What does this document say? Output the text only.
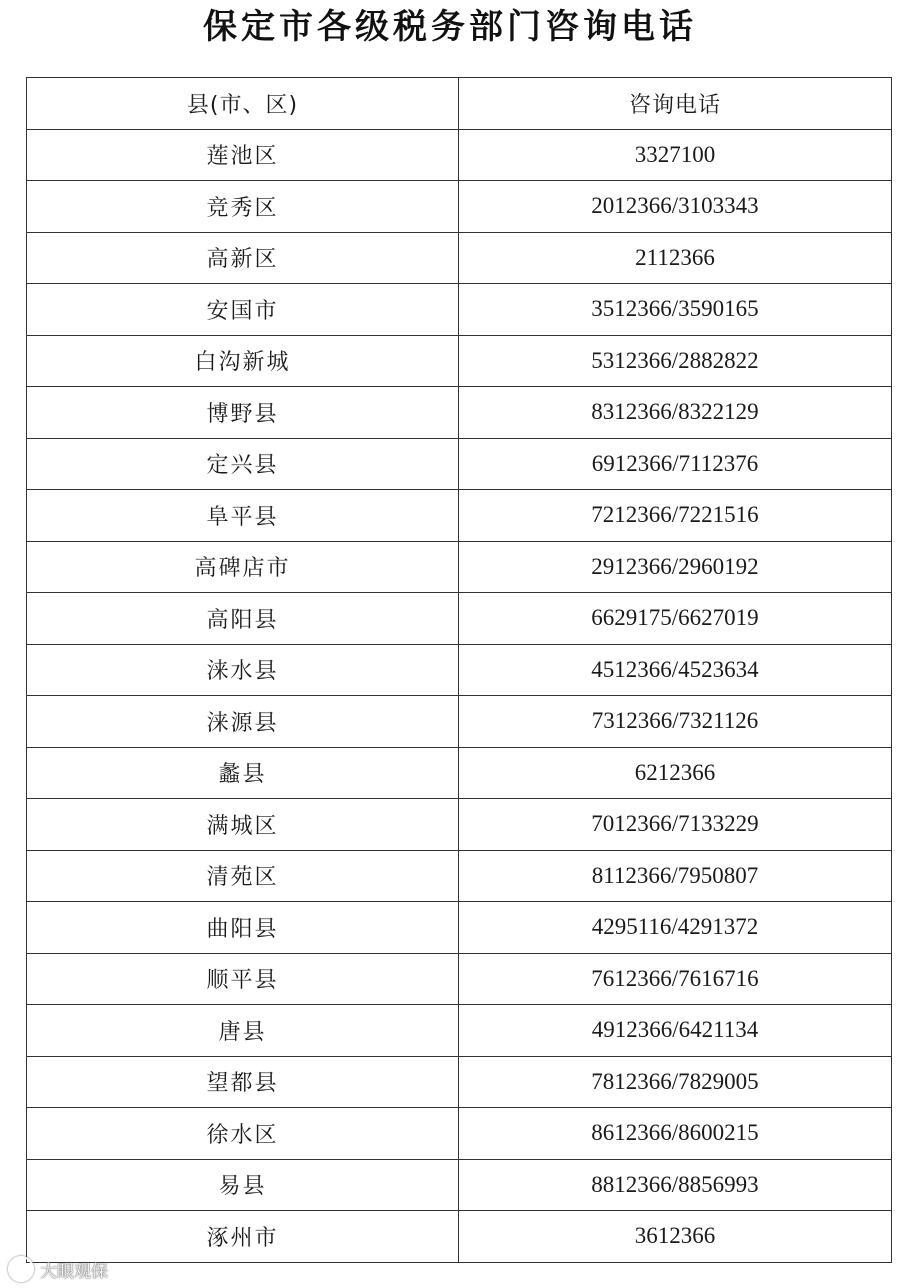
保定市各级税务部门咨询电话
县(市、区)	咨询电话
莲池区	3327100
竞秀区	2012366/3103343
高新区	2112366
安国市	3512366/3590165
白沟新城	5312366/2882822
博野县	8312366/8322129
定兴县	6912366/7112376
阜平县	7212366/7221516
高碑店市	2912366/2960192
高阳县	6629175/6627019
涞水县	4512366/4523634
涞源县	7312366/7321126
蠡县	6212366
满城区	7012366/7133229
清苑区	8112366/7950807
曲阳县	4295116/4291372
顺平县	7612366/7616716
唐县	4912366/6421134
望都县	7812366/7829005
徐水区	8612366/8600215
易县	8812366/8856993
涿州市	3612366
大眼观保
